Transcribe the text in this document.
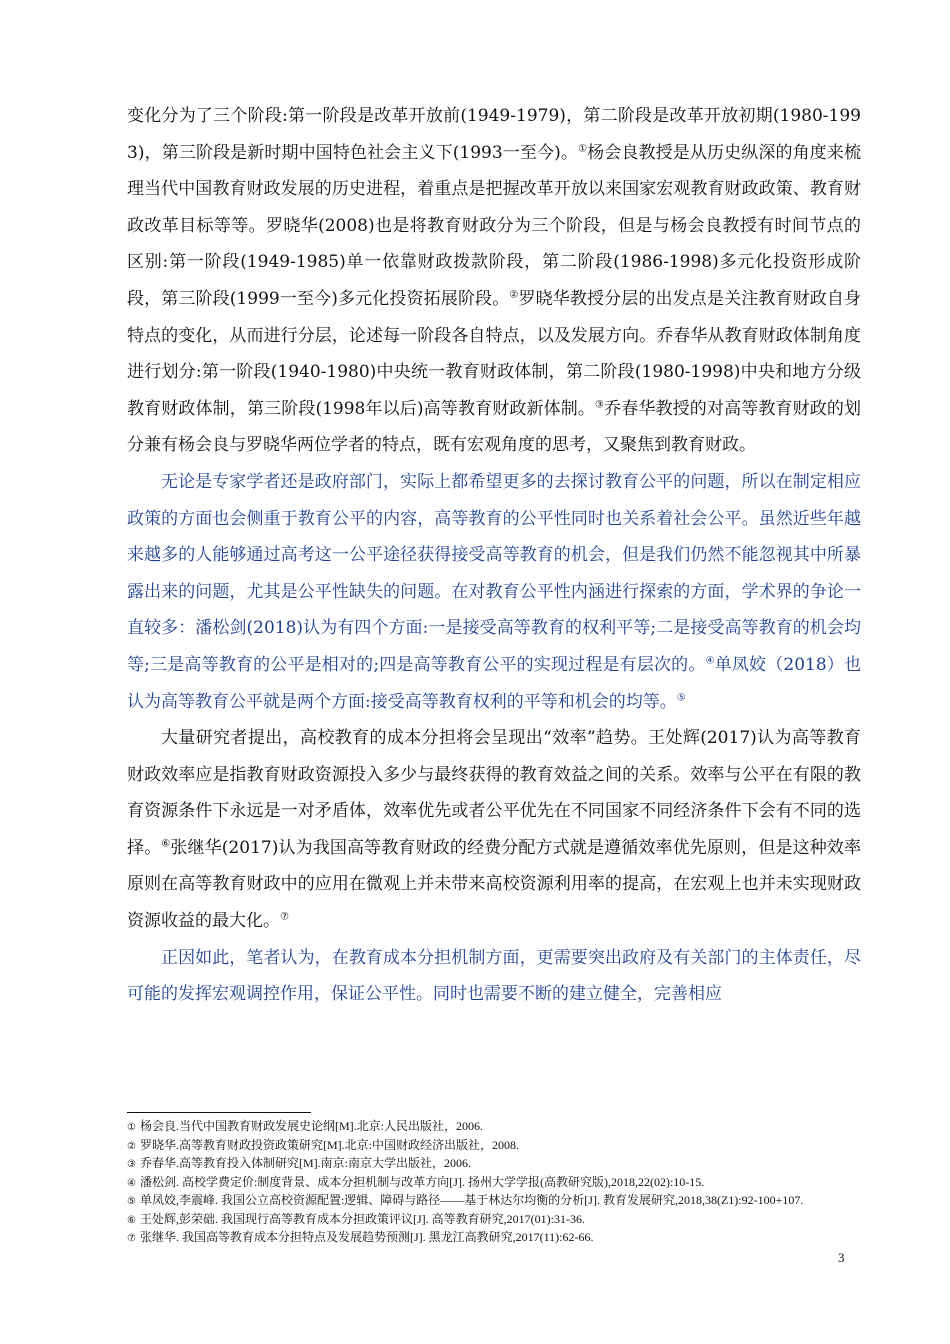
变化分为了三个阶段:第一阶段是改革开放前(1949-1979)，第二阶段是改革开放初期(1980-1993)，第三阶段是新时期中国特色社会主义下(1993一至今)。①杨会良教授是从历史纵深的角度来梳理当代中国教育财政发展的历史进程，着重点是把握改革开放以来国家宏观教育财政政策、教育财政改革目标等等。罗晓华(2008)也是将教育财政分为三个阶段，但是与杨会良教授有时间节点的区别:第一阶段(1949-1985)单一依靠财政拨款阶段，第二阶段(1986-1998)多元化投资形成阶段，第三阶段(1999一至今)多元化投资拓展阶段。②罗晓华教授分层的出发点是关注教育财政自身特点的变化，从而进行分层，论述每一阶段各自特点，以及发展方向。乔春华从教育财政体制角度进行划分:第一阶段(1940-1980)中央统一教育财政体制，第二阶段(1980-1998)中央和地方分级教育财政体制，第三阶段(1998年以后)高等教育财政新体制。③乔春华教授的对高等教育财政的划分兼有杨会良与罗晓华两位学者的特点，既有宏观角度的思考，又聚焦到教育财政。

无论是专家学者还是政府部门，实际上都希望更多的去探讨教育公平的问题，所以在制定相应政策的方面也会侧重于教育公平的内容，高等教育的公平性同时也关系着社会公平。虽然近些年越来越多的人能够通过高考这一公平途径获得接受高等教育的机会，但是我们仍然不能忽视其中所暴露出来的问题，尤其是公平性缺失的问题。在对教育公平性内涵进行探索的方面，学术界的争论一直较多：潘松剑(2018)认为有四个方面:一是接受高等教育的权利平等;二是接受高等教育的机会均等;三是高等教育的公平是相对的;四是高等教育公平的实现过程是有层次的。④单凤姣（2018）也认为高等教育公平就是两个方面:接受高等教育权利的平等和机会的均等。⑤

大量研究者提出，高校教育的成本分担将会呈现出“效率”趋势。王处辉(2017)认为高等教育财政效率应是指教育财政资源投入多少与最终获得的教育效益之间的关系。效率与公平在有限的教育资源条件下永远是一对矛盾体，效率优先或者公平优先在不同国家不同经济条件下会有不同的选择。⑥张继华(2017)认为我国高等教育财政的经费分配方式就是遵循效率优先原则，但是这种效率原则在高等教育财政中的应用在微观上并未带来高校资源利用率的提高，在宏观上也并未实现财政资源收益的最大化。⑦

正因如此，笔者认为，在教育成本分担机制方面，更需要突出政府及有关部门的主体责任，尽可能的发挥宏观调控作用，保证公平性。同时也需要不断的建立健全，完善相应

① 杨会良.当代中国教育财政发展史论纲[M].北京:人民出版社，2006.

② 罗晓华.高等教育财政投资政策研究[M].北京:中国财政经济出版社，2008.

③ 乔春华.高等教育投入体制研究[M].南京:南京大学出版社，2006.

④ 潘松剑. 高校学费定价:制度背景、成本分担机制与改革方向[J]. 扬州大学学报(高教研究版),2018,22(02):10-15.

⑤ 单凤姣,李震峰. 我国公立高校资源配置:逻辑、障碍与路径——基于林达尔均衡的分析[J]. 教育发展研究,2018,38(Z1):92-100+107.

⑥ 王处辉,彭荣础. 我国现行高等教育成本分担政策评议[J]. 高等教育研究,2017(01):31-36.

⑦ 张继华. 我国高等教育成本分担特点及发展趋势预测[J]. 黑龙江高教研究,2017(11):62-66.

3
